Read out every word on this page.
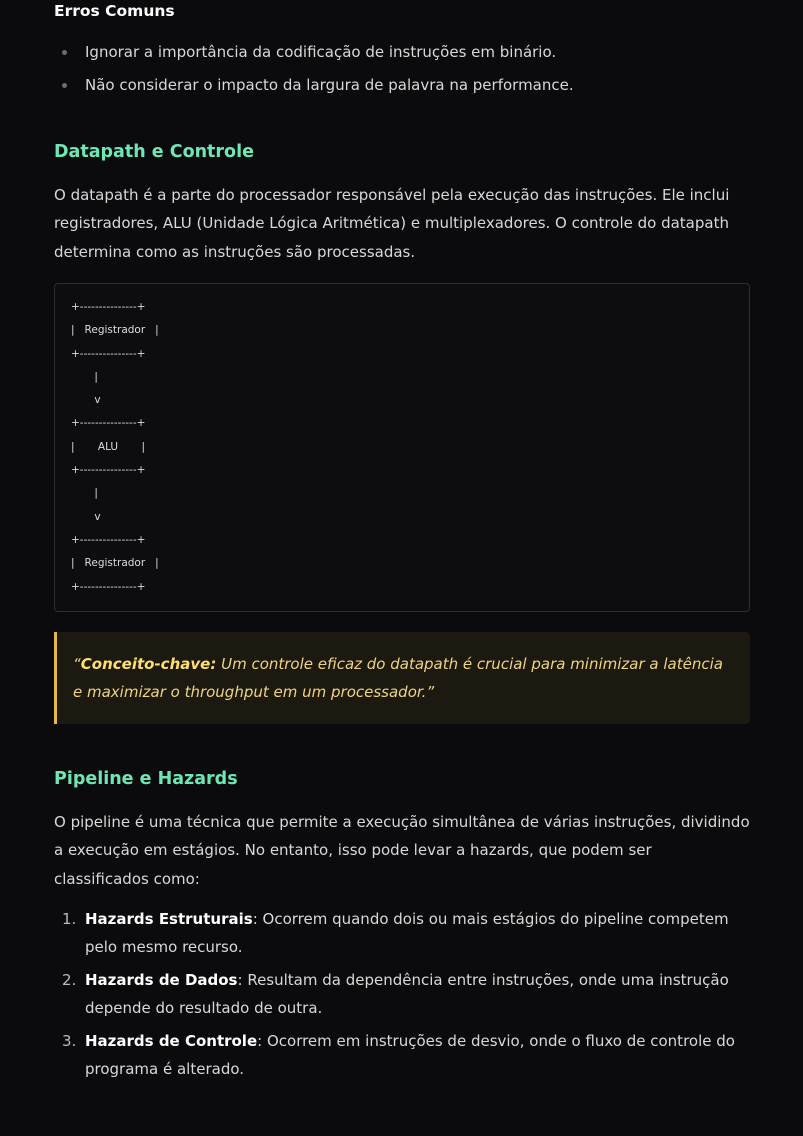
Erros Comuns
Ignorar a importância da codificação de instruções em binário.
Não considerar o impacto da largura de palavra na performance.
Datapath e Controle

O datapath é a parte do processador responsável pela execução das instruções. Ele inclui registradores, ALU (Unidade Lógica Aritmética) e multiplexadores. O controle do datapath determina como as instruções são processadas.

+---------------+
|   Registrador   |
+---------------+
|
v
+---------------+
|       ALU       |
+---------------+
|
v
+---------------+
|   Registrador   |
+---------------+
“Conceito-chave: Um controle eficaz do datapath é crucial para minimizar a latência e maximizar o throughput em um processador.”
Pipeline e Hazards

O pipeline é uma técnica que permite a execução simultânea de várias instruções, dividindo a execução em estágios. No entanto, isso pode levar a hazards, que podem ser classificados como:

1. Hazards Estruturais: Ocorrem quando dois ou mais estágios do pipeline competem pelo mesmo recurso.
2. Hazards de Dados: Resultam da dependência entre instruções, onde uma instrução depende do resultado de outra.
3. Hazards de Controle: Ocorrem em instruções de desvio, onde o fluxo de controle do programa é alterado.
